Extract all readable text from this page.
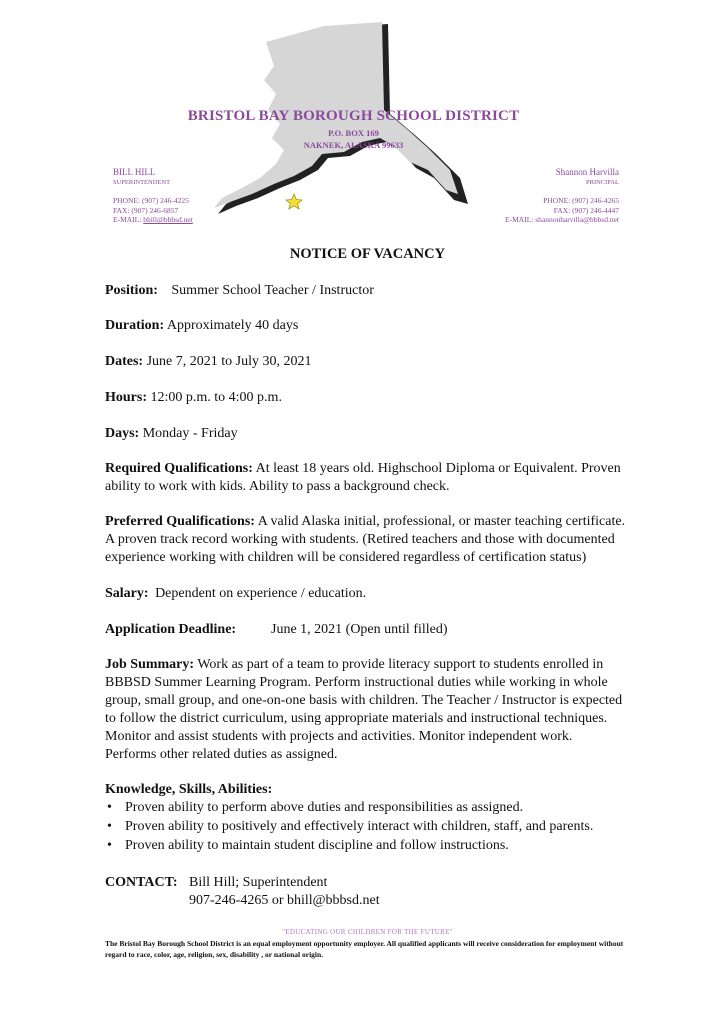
BRISTOL BAY BOROUGH SCHOOL DISTRICT
P.O. BOX 169
NAKNEK, ALASKA 99633
BILL HILL
SUPERINTENDENT
PHONE: (907) 246-4225
FAX: (907) 246-6857
E-MAIL: bhill@bbbsd.net
Shannon Harvilla
PRINCIPAL
PHONE: (907) 246-4265
FAX: (907) 246-4447
E-MAIL: shannonharvilla@bbbsd.net
NOTICE OF VACANCY
Position: Summer School Teacher / Instructor
Duration: Approximately 40 days
Dates: June 7, 2021 to July 30, 2021
Hours: 12:00 p.m. to 4:00 p.m.
Days: Monday - Friday
Required Qualifications: At least 18 years old. Highschool Diploma or Equivalent. Proven ability to work with kids. Ability to pass a background check.
Preferred Qualifications: A valid Alaska initial, professional, or master teaching certificate. A proven track record working with students. (Retired teachers and those with documented experience working with children will be considered regardless of certification status)
Salary: Dependent on experience / education.
Application Deadline: June 1, 2021 (Open until filled)
Job Summary: Work as part of a team to provide literacy support to students enrolled in BBBSD Summer Learning Program. Perform instructional duties while working in whole group, small group, and one-on-one basis with children. The Teacher / Instructor is expected to follow the district curriculum, using appropriate materials and instructional techniques. Monitor and assist students with projects and activities. Monitor independent work. Performs other related duties as assigned.
Knowledge, Skills, Abilities:
• Proven ability to perform above duties and responsibilities as assigned.
• Proven ability to positively and effectively interact with children, staff, and parents.
• Proven ability to maintain student discipline and follow instructions.
CONTACT: Bill Hill; Superintendent
907-246-4265 or bhill@bbbsd.net
"EDUCATING OUR CHILDREN FOR THE FUTURE"
The Bristol Bay Borough School District is an equal employment opportunity employer. All qualified applicants will receive consideration for employment without regard to race, color, age, religion, sex, disability , or national origin.
